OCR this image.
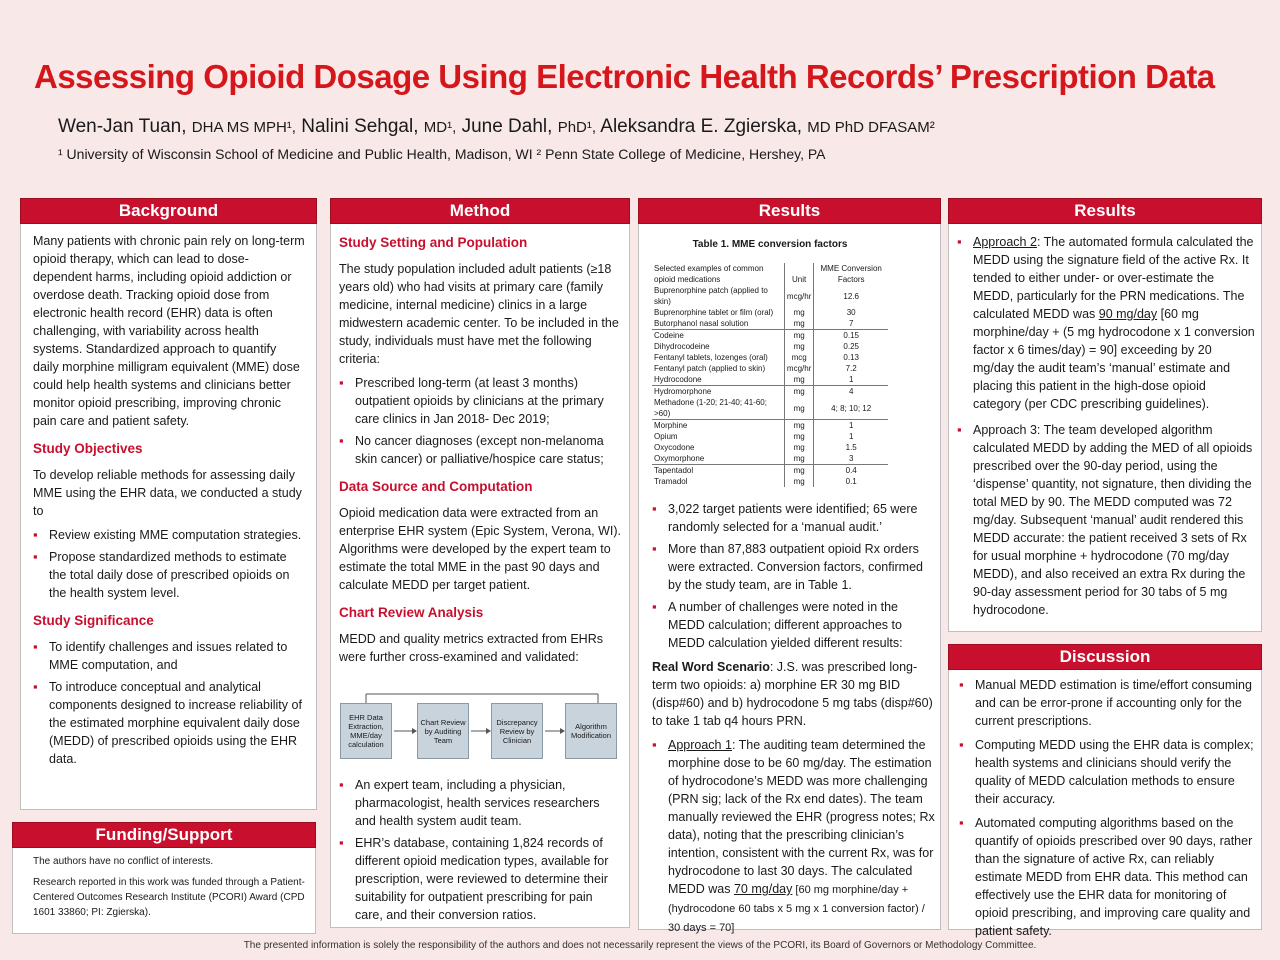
Assessing Opioid Dosage Using Electronic Health Records’ Prescription Data
Wen-Jan Tuan, DHA MS MPH¹, Nalini Sehgal, MD¹, June Dahl, PhD¹, Aleksandra E. Zgierska, MD PhD DFASAM²
¹ University of Wisconsin School of Medicine and Public Health, Madison, WI ² Penn State College of Medicine, Hershey, PA
Background

Many patients with chronic pain rely on long-term opioid therapy, which can lead to dose-dependent harms, including opioid addiction or overdose death. Tracking opioid dose from electronic health record (EHR) data is often challenging, with variability across health systems. Standardized approach to quantify daily morphine milligram equivalent (MME) dose could help health systems and clinicians better monitor opioid prescribing, improving chronic pain care and patient safety.

Study Objectives

To develop reliable methods for assessing daily MME using the EHR data, we conducted a study to

▪ Review existing MME computation strategies.
▪ Propose standardized methods to estimate the total daily dose of prescribed opioids on the health system level.
Study Significance
▪ To identify challenges and issues related to MME computation, and
▪ To introduce conceptual and analytical components designed to increase reliability of the estimated morphine equivalent daily dose (MEDD) of prescribed opioids using the EHR data.
Funding/Support

The authors have no conflict of interests.

Research reported in this work was funded through a Patient-Centered Outcomes Research Institute (PCORI) Award (CPD 1601 33860; PI: Zgierska).

Method
Study Setting and Population

The study population included adult patients (≥18 years old) who had visits at primary care (family medicine, internal medicine) clinics in a large midwestern academic center. To be included in the study, individuals must have met the following criteria:

▪ Prescribed long-term (at least 3 months) outpatient opioids by clinicians at the primary care clinics in Jan 2018- Dec 2019;
▪ No cancer diagnoses (except non-melanoma skin cancer) or palliative/hospice care status;
Data Source and Computation

Opioid medication data were extracted from an enterprise EHR system (Epic System, Verona, WI). Algorithms were developed by the expert team to estimate the total MME in the past 90 days and calculate MEDD per target patient.

Chart Review Analysis

MEDD and quality metrics extracted from EHRs were further cross-examined and validated:

EHR Data Extraction, MME/day calculation
Chart Review by Auditing Team
Discrepancy Review by Clinician
Algorithm Modification
▪ An expert team, including a physician, pharmacologist, health services researchers and health system audit team.
▪ EHR’s database, containing 1,824 records of different opioid medication types, available for prescription, were reviewed to determine their suitability for outpatient prescribing for pain care, and their conversion ratios.
Results
Table 1. MME conversion factors
Selected examples of common opioid medications	Unit	MME Conversion Factors
Buprenorphine patch (applied to skin)	mcg/hr	12.6
Buprenorphine tablet or film (oral)	mg	30
Butorphanol nasal solution	mg	7
Codeine	mg	0.15
Dihydrocodeine	mg	0.25
Fentanyl tablets, lozenges (oral)	mcg	0.13
Fentanyl patch (applied to skin)	mcg/hr	7.2
Hydrocodone	mg	1
Hydromorphone	mg	4
Methadone (1-20; 21-40; 41-60; >60)	mg	4; 8; 10; 12
Morphine	mg	1
Opium	mg	1
Oxycodone	mg	1.5
Oxymorphone	mg	3
Tapentadol	mg	0.4
Tramadol	mg	0.1
▪ 3,022 target patients were identified; 65 were randomly selected for a ‘manual audit.’
▪ More than 87,883 outpatient opioid Rx orders were extracted. Conversion factors, confirmed by the study team, are in Table 1.
▪ A number of challenges were noted in the MEDD calculation; different approaches to MEDD calculation yielded different results:

Real Word Scenario: J.S. was prescribed long-term two opioids: a) morphine ER 30 mg BID (disp#60) and b) hydrocodone 5 mg tabs (disp#60) to take 1 tab q4 hours PRN.

▪ Approach 1: The auditing team determined the morphine dose to be 60 mg/day. The estimation of hydrocodone’s MEDD was more challenging (PRN sig; lack of the Rx end dates). The team manually reviewed the EHR (progress notes; Rx data), noting that the prescribing clinician’s intention, consistent with the current Rx, was for hydrocodone to last 30 days. The calculated MEDD was 70 mg/day [60 mg morphine/day + (hydrocodone 60 tabs x 5 mg x 1 conversion factor) / 30 days = 70]
Results
▪ Approach 2: The automated formula calculated the MEDD using the signature field of the active Rx. It tended to either under- or over-estimate the MEDD, particularly for the PRN medications. The calculated MEDD was 90 mg/day [60 mg morphine/day + (5 mg hydrocodone x 1 conversion factor x 6 times/day) = 90] exceeding by 20 mg/day the audit team’s ‘manual’ estimate and placing this patient in the high-dose opioid category (per CDC prescribing guidelines).
▪ Approach 3: The team developed algorithm calculated MEDD by adding the MED of all opioids prescribed over the 90-day period, using the ‘dispense’ quantity, not signature, then dividing the total MED by 90. The MEDD computed was 72 mg/day. Subsequent ‘manual’ audit rendered this MEDD accurate: the patient received 3 sets of Rx for usual morphine + hydrocodone (70 mg/day MEDD), and also received an extra Rx during the 90-day assessment period for 30 tabs of 5 mg hydrocodone.
Discussion
▪ Manual MEDD estimation is time/effort consuming and can be error-prone if accounting only for the current prescriptions.
▪ Computing MEDD using the EHR data is complex; health systems and clinicians should verify the quality of MEDD calculation methods to ensure their accuracy.
▪ Automated computing algorithms based on the quantify of opioids prescribed over 90 days, rather than the signature of active Rx, can reliably estimate MEDD from EHR data. This method can effectively use the EHR data for monitoring of opioid prescribing, and improving care quality and patient safety.
The presented information is solely the responsibility of the authors and does not necessarily represent the views of the PCORI, its Board of Governors or Methodology Committee.
